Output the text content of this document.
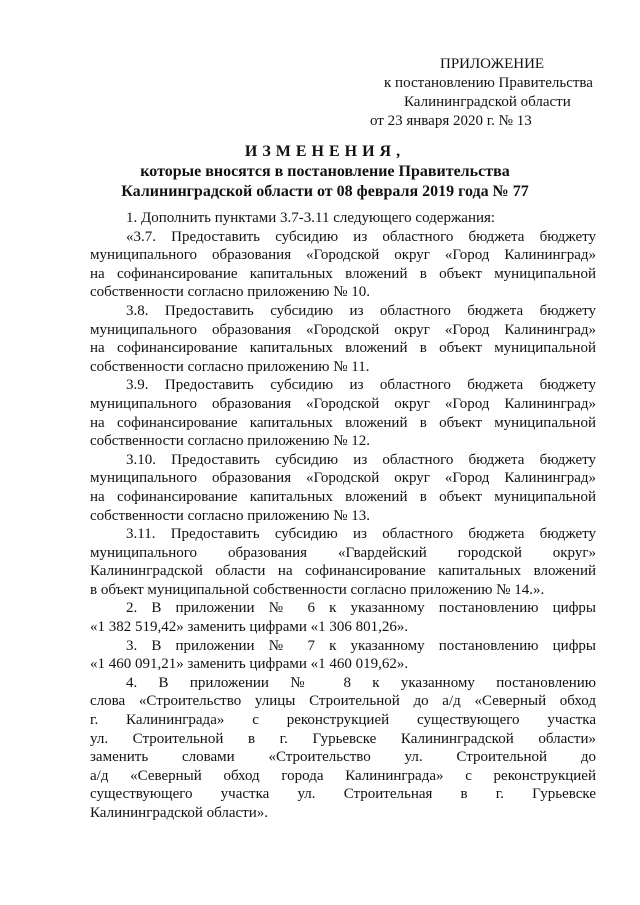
ПРИЛОЖЕНИЕ
к постановлению Правительства
Калининградской области
от 23 января 2020 г. № 13
ИЗМЕНЕНИЯ,
которые вносятся в постановление Правительства
Калининградской области от 08 февраля 2019 года № 77
1. Дополнить пунктами 3.7-3.11 следующего содержания:
«3.7. Предоставить субсидию из областного бюджета бюджету
муниципального образования «Городской округ «Город Калининград»
на софинансирование капитальных вложений в объект муниципальной
собственности согласно приложению № 10.
3.8. Предоставить субсидию из областного бюджета бюджету
муниципального образования «Городской округ «Город Калининград»
на софинансирование капитальных вложений в объект муниципальной
собственности согласно приложению № 11.
3.9. Предоставить субсидию из областного бюджета бюджету
муниципального образования «Городской округ «Город Калининград»
на софинансирование капитальных вложений в объект муниципальной
собственности согласно приложению № 12.
3.10. Предоставить субсидию из областного бюджета бюджету
муниципального образования «Городской округ «Город Калининград»
на софинансирование капитальных вложений в объект муниципальной
собственности согласно приложению № 13.
3.11. Предоставить субсидию из областного бюджета бюджету
муниципального образования «Гвардейский городской округ»
Калининградской области на софинансирование капитальных вложений
в объект муниципальной собственности согласно приложению № 14.».
2. В приложении № 6 к указанному постановлению цифры
«1 382 519,42» заменить цифрами «1 306 801,26».
3. В приложении № 7 к указанному постановлению цифры
«1 460 091,21» заменить цифрами «1 460 019,62».
4. В приложении № 8 к указанному постановлению
слова «Строительство улицы Строительной до а/д «Северный обход
г. Калининграда» с реконструкцией существующего участка
ул. Строительной в г. Гурьевске Калининградской области»
заменить словами «Строительство ул. Строительной до
а/д «Северный обход города Калининграда» с реконструкцией
существующего участка ул. Строительная в г. Гурьевске
Калининградской области».
